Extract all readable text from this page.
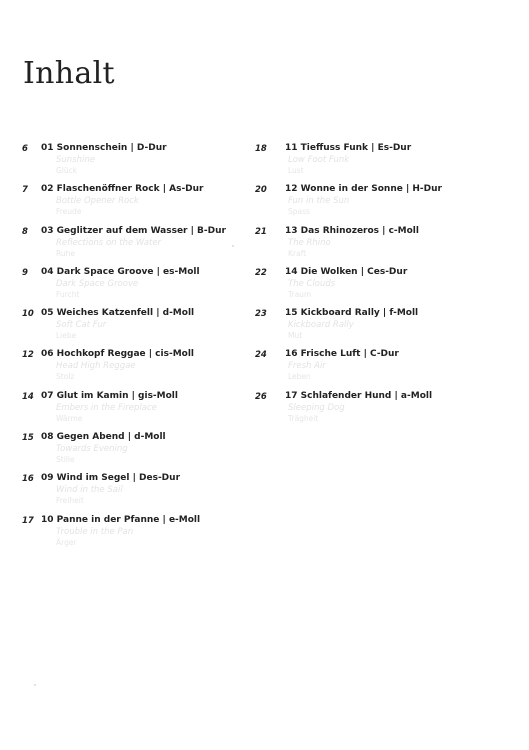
Inhalt
6	01 Sonnenschein | D-Dur
Sunshine
Glück
7	02 Flaschenöffner Rock | As-Dur
Bottle Opener Rock
Freude
8	03 Geglitzer auf dem Wasser | B-Dur
Reflections on the Water
Ruhe
9	04 Dark Space Groove | es-Moll
Dark Space Groove
Furcht
10 05 Weiches Katzenfell | d-Moll
Soft Cat Fur
Liebe
12 06 Hochkopf Reggae | cis-Moll
Head High Reggae
Stolz
14 07 Glut im Kamin | gis-Moll
Embers in the Fireplace
Wärme
15 08 Gegen Abend | d-Moll
Towards Evening
Stille
16 09 Wind im Segel | Des-Dur
Wind in the Sail
Freiheit
17 10 Panne in der Pfanne | e-Moll
Trouble in the Pan
Ärger
18	11 Tieffuss Funk | Es-Dur
Low Foot Funk
Lust
20	12 Wonne in der Sonne | H-Dur
Fun in the Sun
Spass
21	13 Das Rhinozeros | c-Moll
The Rhino
Kraft
22	14 Die Wolken | Ces-Dur
The Clouds
Traum
23	15 Kickboard Rally | f-Moll
Kickboard Rally
Mut
24	16 Frische Luft | C-Dur
Fresh Air
Leben
26	17 Schlafender Hund | a-Moll
Sleeping Dog
Trägheit
